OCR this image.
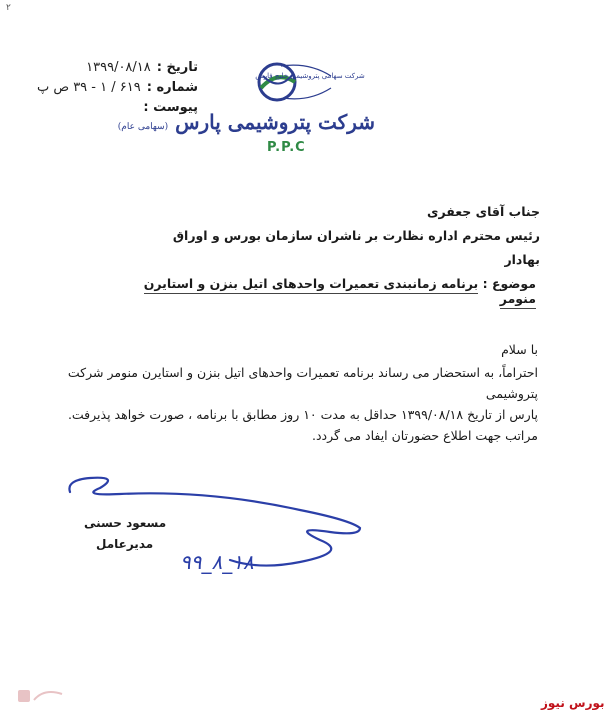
۲
تاریخ :
۱۳۹۹/۰۸/۱۸
شماره :
۶۱۹ / ۱ - ۳۹ ص پ
پیوست :
شرکت سهامی پتروشیمی خلیج فارس
شرکت پتروشیمی پارس (سهامی عام)
P.P.C
جناب آقای جعفری
رئیس محترم اداره نظارت بر ناشران سازمان بورس و اوراق بهادار
موضوع : برنامه زمانبندی تعمیرات واحدهای اتیل بنزن و استایرن منومر
با سلام

احتراماً، به استحضار می رساند برنامه تعمیرات واحدهای اتیل بنزن و استایرن منومر شرکت پتروشیمی

پارس از تاریخ ۱۳۹۹/۰۸/۱۸ حداقل به مدت ۱۰ روز مطابق با برنامه ، صورت خواهد پذیرفت.

مراتب جهت اطلاع حضورتان ایفاد می گردد.

مسعود حسنی
مدیرعامل
۹۹_۸_۱۸
بورس نیوز
